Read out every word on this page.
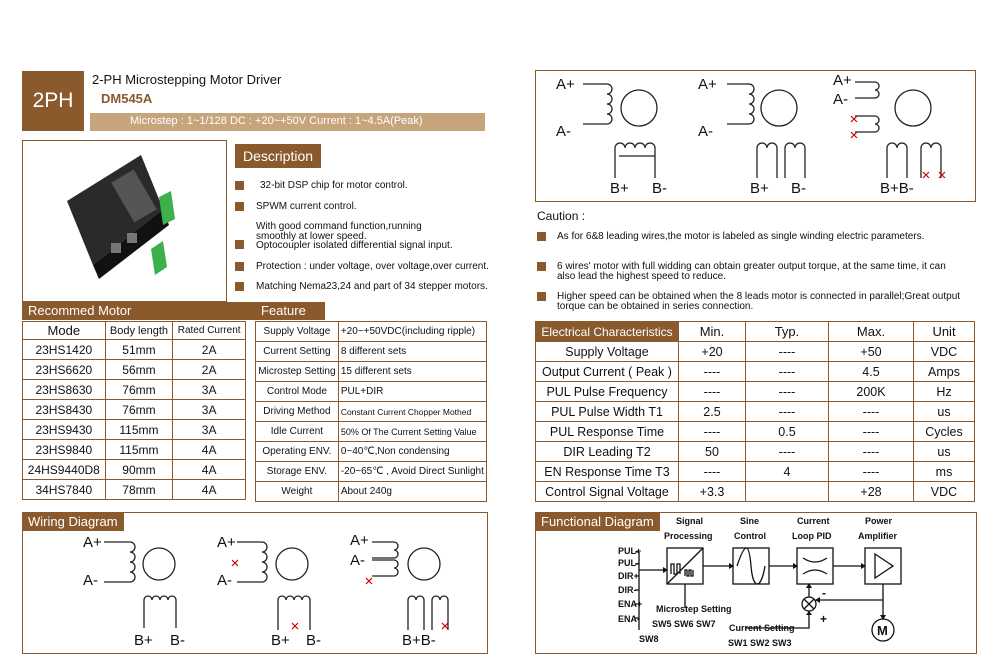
2PH
2-PH Microstepping Motor Driver
DM545A
Microstep : 1~1/128 DC : +20~+50V Current : 1~4.5A(Peak)
Description
32-bit DSP chip for motor control.
SPWM current control.
With good command function,running
smoothly at lower speed.
Optocoupler isolated differential signal input.
Protection : under voltage, over voltage,over current.
Matching Nema23,24 and part of 34 stepper motors.
Recommed Motor
Mode	Body length	Rated Current
23HS1420	51mm	2A
23HS6620	56mm	2A
23HS8630	76mm	3A
23HS8430	76mm	3A
23HS9430	115mm	3A
23HS9840	115mm	4A
24HS9440D8	90mm	4A
34HS7840	78mm	4A
Feature
Supply Voltage	+20~+50VDC(including ripple)
Current Setting	8 different sets
Microstep Setting	15 different sets
Control Mode	PUL+DIR
Driving Method	Constant Current Chopper Mothed
Idle Current	50% Of The Current Setting Value
Operating ENV.	0~40℃,Non condensing
Storage ENV.	-20~65℃ , Avoid Direct Sunlight
Weight	About 240g
Wiring Diagram
A+
A-
B+ B-
A+
A-
B+ B-
A+
A-
B+B-
A+
A-
B+ B-
A+
A-
B+ B-
A+
A-
B+B-
Caution :
As for 6&8 leading wires,the motor is labeled as single winding electric parameters.
6 wires' motor with full widding can obtain greater output torque, at the same time, it can
also lead the highest speed to reduce.
Higher speed can be obtained when the 8 leads motor is connected in parallel;Great output
torque can be obtained in series connection.
Electrical Characteristics	Min.	Typ.	Max.	Unit
Supply Voltage	+20	----	+50	VDC
Output Current ( Peak )	----	----	4.5	Amps
PUL Pulse Frequency	----	----	200K	Hz
PUL Pulse Width T1	2.5	----	----	us
PUL Response Time	----	0.5	----	Cycles
DIR Leading T2	50	----	----	us
EN Response Time T3	----	4	----	ms
Control Signal Voltage	+3.3		+28	VDC
Functional Diagram	Signal
Processing
Sine
Control
Current
Loop PID
Power
Amplifier
PUL+
PUL-
DIR+
DIR-
ENA+
ENA-
Microstep Setting
SW5 SW6 SW7
SW8
Current Setting
SW1 SW2 SW3
M
-
+
